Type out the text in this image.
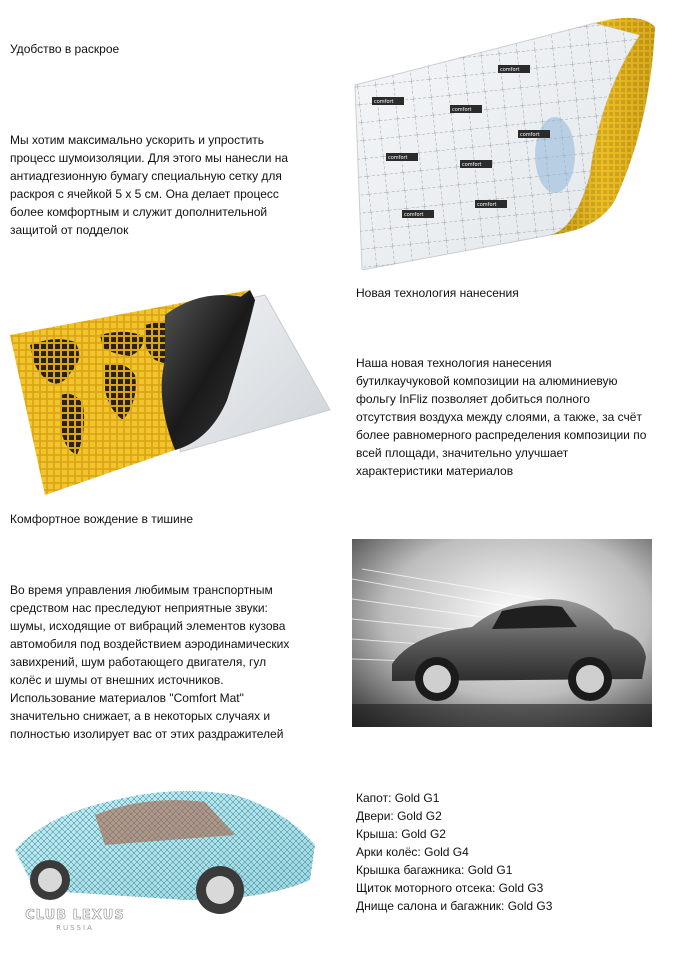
Удобство в раскрое
Мы хотим максимально ускорить и упростить
процесс шумоизоляции. Для этого мы нанесли на
антиадгезионную бумагу специальную сетку для
раскроя с ячейкой 5 х 5 см. Она делает процесс
более комфортным и служит дополнительной
защитой от подделок
comfort
comfort
comfort
comfort
comfort
comfort
comfort
comfort
Новая технология нанесения
Наша новая технология нанесения
бутилкаучуковой композиции на алюминиевую
фольгу InFliz позволяет добиться полного
отсутствия воздуха между слоями, а также, за счёт
более равномерного распределения композиции по
всей площади, значительно улучшает
характеристики материалов
Комфортное вождение в тишине
Во время управления любимым транспортным
средством нас преследуют неприятные звуки:
шумы, исходящие от вибраций элементов кузова
автомобиля под воздействием аэродинамических
завихрений, шум работающего двигателя, гул
колёс и шумы от внешних источников.
Использование материалов "Comfort Mat"
значительно снижает, а в некоторых случаях и
полностью изолирует вас от этих раздражителей
CLUB LEXUS
RUSSIA
Капот: Gold G1
Двери: Gold G2
Крыша: Gold G2
Арки колёс: Gold G4
Крышка багажника: Gold G1
Щиток моторного отсека: Gold G3
Днище салона и багажник: Gold G3
